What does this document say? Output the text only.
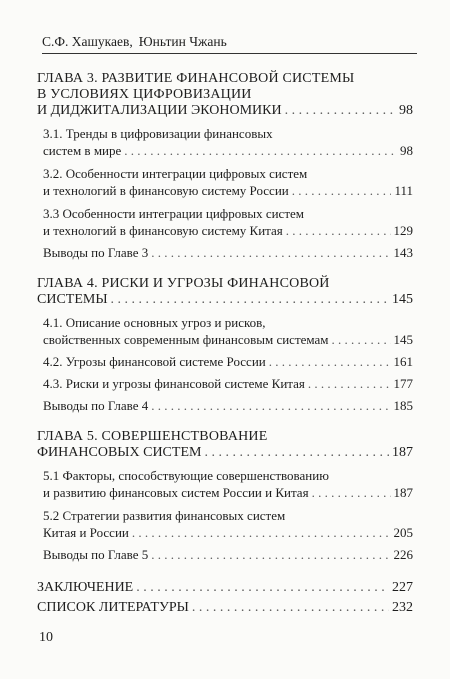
С.Ф. Хашукаев, Юньтин Чжань
ГЛАВА 3. РАЗВИТИЕ ФИНАНСОВОЙ СИСТЕМЫ
В УСЛОВИЯХ ЦИФРОВИЗАЦИИ
И ДИДЖИТАЛИЗАЦИИ ЭКОНОМИКИ . . .	98
3.1. Тренды в цифровизации финансовых
систем в мире . . .	98
3.2. Особенности интеграции цифровых систем
и технологий в финансовую систему России . . .	111
3.3 Особенности интеграции цифровых систем
и технологий в финансовую систему Китая . . .	129
Выводы по Главе 3 . . .	143
ГЛАВА 4. РИСКИ И УГРОЗЫ ФИНАНСОВОЙ
СИСТЕМЫ . . .	145
4.1. Описание основных угроз и рисков,
свойственных современным финансовым системам . . .	145
4.2. Угрозы финансовой системе России . . .	161
4.3. Риски и угрозы финансовой системе Китая . . .	177
Выводы по Главе 4 . . .	185
ГЛАВА 5. СОВЕРШЕНСТВОВАНИЕ
ФИНАНСОВЫХ СИСТЕМ . . .	187
5.1 Факторы, способствующие совершенствованию
и развитию финансовых систем России и Китая . . .	187
5.2 Стратегии развития финансовых систем
Китая и России . . .	205
Выводы по Главе 5 . . .	226
ЗАКЛЮЧЕНИЕ . . .	227
СПИСОК ЛИТЕРАТУРЫ . . .	232
10
